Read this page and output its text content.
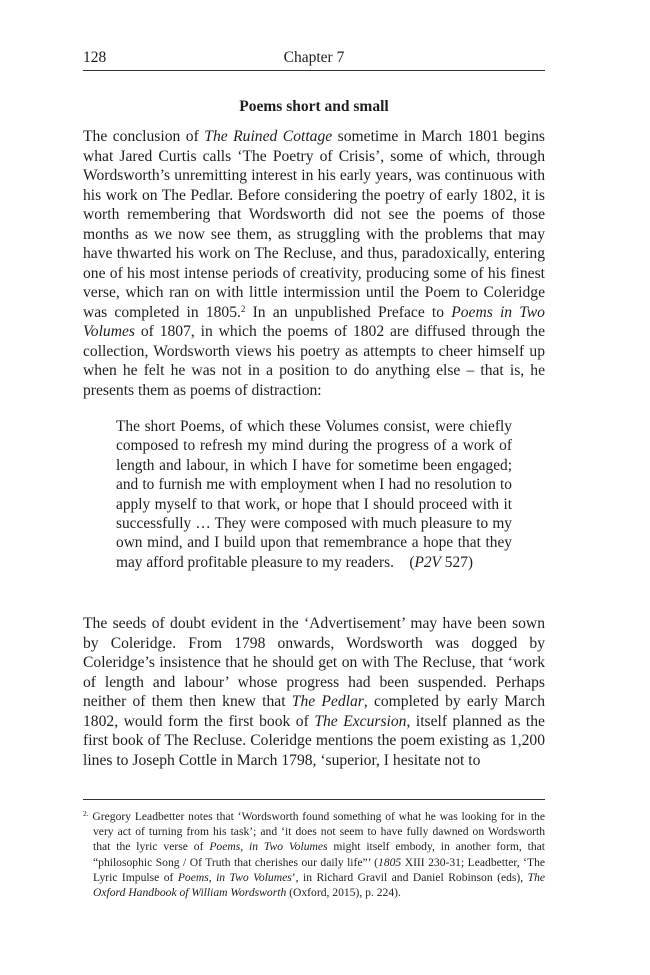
128	Chapter 7
Poems short and small

The conclusion of The Ruined Cottage sometime in March 1801 begins what Jared Curtis calls ‘The Poetry of Crisis’, some of which, through Wordsworth’s unremitting interest in his early years, was continuous with his work on The Pedlar. Before considering the poetry of early 1802, it is worth remembering that Wordsworth did not see the poems of those months as we now see them, as struggling with the problems that may have thwarted his work on The Recluse, and thus, paradoxically, entering one of his most intense periods of creativity, producing some of his finest verse, which ran on with little intermission until the Poem to Coleridge was completed in 1805.$^2$ In an unpublished Preface to Poems in Two Volumes of 1807, in which the poems of 1802 are diffused through the collection, Wordsworth views his poetry as attempts to cheer himself up when he felt he was not in a position to do anything else – that is, he presents them as poems of distraction:

The short Poems, of which these Volumes consist, were chiefly composed to refresh my mind during the progress of a work of length and labour, in which I have for sometime been engaged; and to furnish me with employment when I had no resolution to apply myself to that work, or hope that I should proceed with it successfully … They were composed with much pleasure to my own mind, and I build upon that remembrance a hope that they may afford profitable pleasure to my readers. (P2V 527)

The seeds of doubt evident in the ‘Advertisement’ may have been sown by Coleridge. From 1798 onwards, Wordsworth was dogged by Coleridge’s insistence that he should get on with The Recluse, that ‘work of length and labour’ whose progress had been suspended. Perhaps neither of them then knew that The Pedlar, completed by early March 1802, would form the first book of The Excursion, itself planned as the first book of The Recluse. Coleridge mentions the poem existing as 1,200 lines to Joseph Cottle in March 1798, ‘superior, I hesitate not to

$^{2.}$ Gregory Leadbetter notes that ‘Wordsworth found something of what he was looking for in the very act of turning from his task’; and ‘it does not seem to have fully dawned on Wordsworth that the lyric verse of Poems, in Two Volumes might itself embody, in another form, that “philosophic Song / Of Truth that cherishes our daily life”’ (1805 XIII 230-31; Leadbetter, ‘The Lyric Impulse of Poems, in Two Volumes’, in Richard Gravil and Daniel Robinson (eds), The Oxford Handbook of William Wordsworth (Oxford, 2015), p. 224).
